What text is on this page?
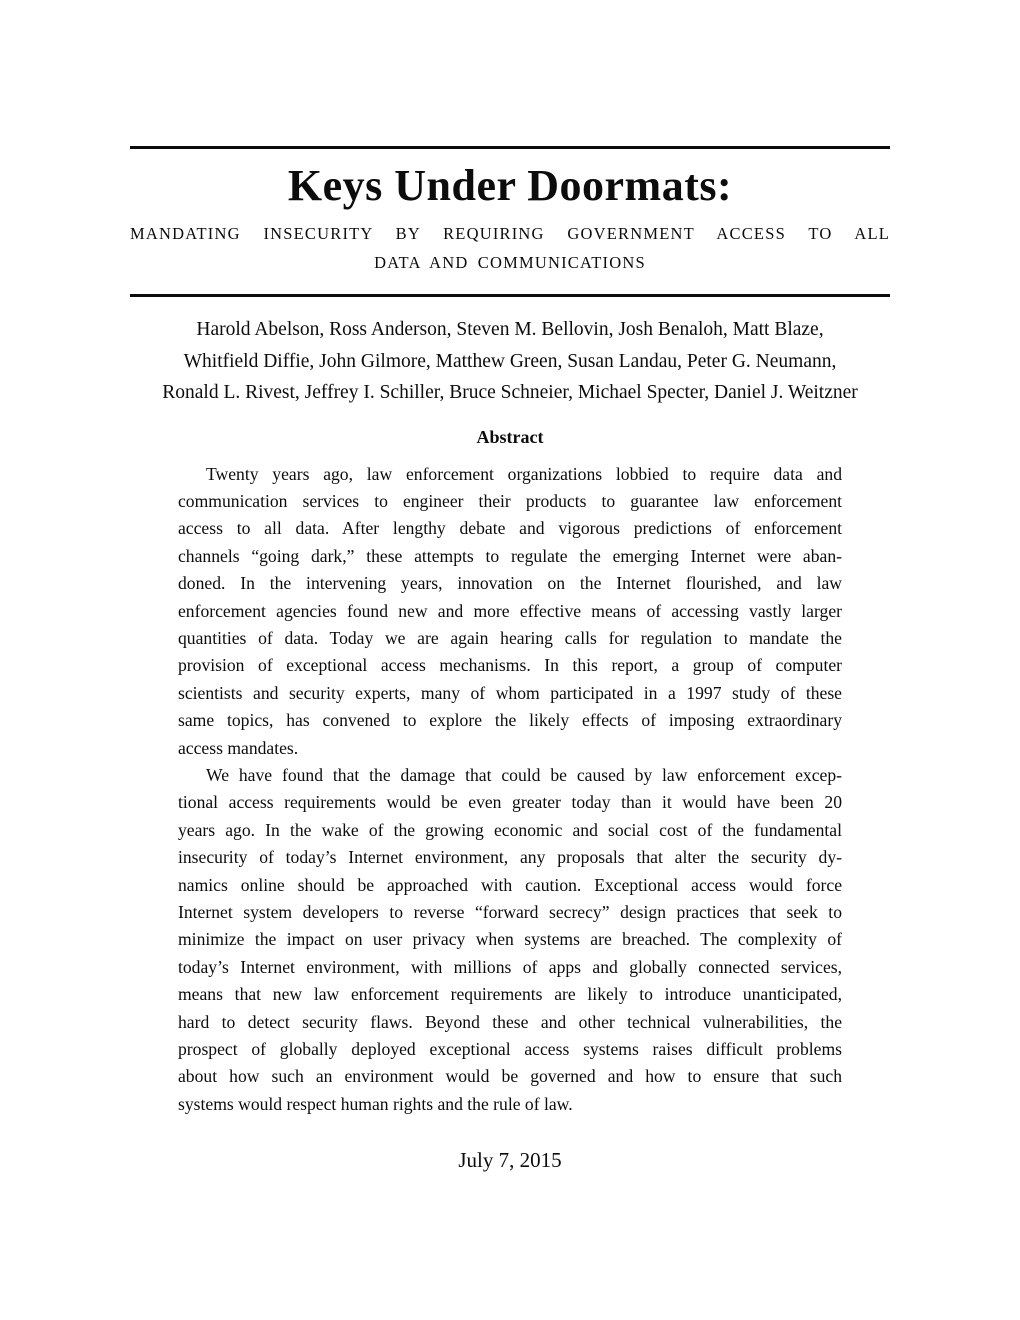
Keys Under Doormats:
MANDATING INSECURITY BY REQUIRING GOVERNMENT ACCESS TO ALL
DATA AND COMMUNICATIONS
Harold Abelson, Ross Anderson, Steven M. Bellovin, Josh Benaloh, Matt Blaze,
Whitfield Diffie, John Gilmore, Matthew Green, Susan Landau, Peter G. Neumann,
Ronald L. Rivest, Jeffrey I. Schiller, Bruce Schneier, Michael Specter, Daniel J. Weitzner
Abstract
Twenty years ago, law enforcement organizations lobbied to require data and
communication services to engineer their products to guarantee law enforcement
access to all data. After lengthy debate and vigorous predictions of enforcement
channels “going dark,” these attempts to regulate the emerging Internet were aban-
doned. In the intervening years, innovation on the Internet flourished, and law
enforcement agencies found new and more effective means of accessing vastly larger
quantities of data. Today we are again hearing calls for regulation to mandate the
provision of exceptional access mechanisms. In this report, a group of computer
scientists and security experts, many of whom participated in a 1997 study of these
same topics, has convened to explore the likely effects of imposing extraordinary
access mandates.
We have found that the damage that could be caused by law enforcement excep-
tional access requirements would be even greater today than it would have been 20
years ago. In the wake of the growing economic and social cost of the fundamental
insecurity of today’s Internet environment, any proposals that alter the security dy-
namics online should be approached with caution. Exceptional access would force
Internet system developers to reverse “forward secrecy” design practices that seek to
minimize the impact on user privacy when systems are breached. The complexity of
today’s Internet environment, with millions of apps and globally connected services,
means that new law enforcement requirements are likely to introduce unanticipated,
hard to detect security flaws. Beyond these and other technical vulnerabilities, the
prospect of globally deployed exceptional access systems raises difficult problems
about how such an environment would be governed and how to ensure that such
systems would respect human rights and the rule of law.
July 7, 2015
